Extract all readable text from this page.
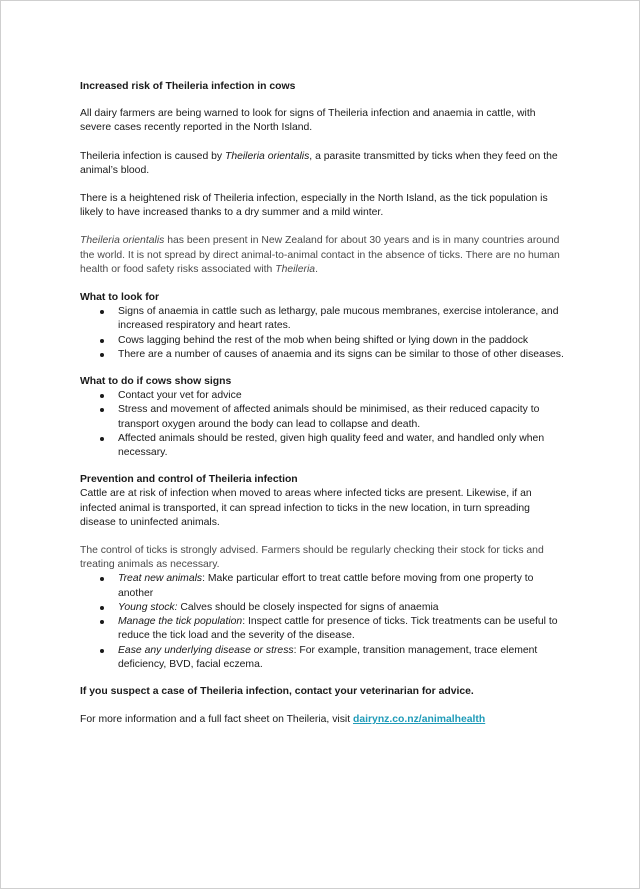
Increased risk of Theileria infection in cows

All dairy farmers are being warned to look for signs of Theileria infection and anaemia in cattle, with severe cases recently reported in the North Island.

Theileria infection is caused by Theileria orientalis, a parasite transmitted by ticks when they feed on the animal’s blood.

There is a heightened risk of Theileria infection, especially in the North Island, as the tick population is likely to have increased thanks to a dry summer and a mild winter.

Theileria orientalis has been present in New Zealand for about 30 years and is in many countries around the world. It is not spread by direct animal-to-animal contact in the absence of ticks. There are no human health or food safety risks associated with Theileria.

What to look for

Signs of anaemia in cattle such as lethargy, pale mucous membranes, exercise intolerance, and increased respiratory and heart rates.
Cows lagging behind the rest of the mob when being shifted or lying down in the paddock
There are a number of causes of anaemia and its signs can be similar to those of other diseases.

What to do if cows show signs

Contact your vet for advice
Stress and movement of affected animals should be minimised, as their reduced capacity to transport oxygen around the body can lead to collapse and death.
Affected animals should be rested, given high quality feed and water, and handled only when necessary.

Prevention and control of Theileria infection

Cattle are at risk of infection when moved to areas where infected ticks are present. Likewise, if an infected animal is transported, it can spread infection to ticks in the new location, in turn spreading disease to uninfected animals.

The control of ticks is strongly advised. Farmers should be regularly checking their stock for ticks and treating animals as necessary.

Treat new animals: Make particular effort to treat cattle before moving from one property to another
Young stock: Calves should be closely inspected for signs of anaemia
Manage the tick population: Inspect cattle for presence of ticks. Tick treatments can be useful to reduce the tick load and the severity of the disease.
Ease any underlying disease or stress: For example, transition management, trace element deficiency, BVD, facial eczema.

If you suspect a case of Theileria infection, contact your veterinarian for advice.

For more information and a full fact sheet on Theileria, visit dairynz.co.nz/animalhealth
